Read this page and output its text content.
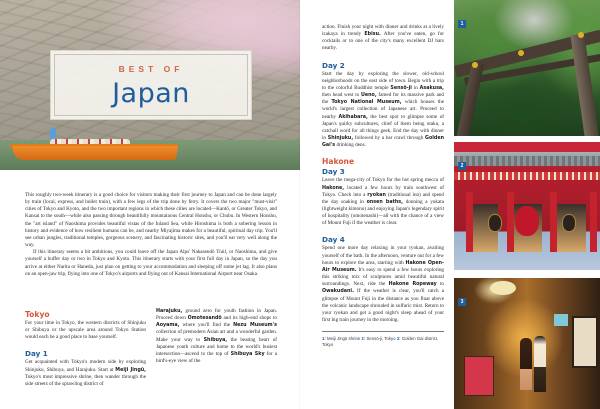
BEST OF
Japan

This roughly two-week itinerary is a good choice for visitors making their first journey to Japan and can be done largely by train (local, express, and bullet train), with a few legs of the trip done by ferry. It covers the two major "must-visit" cities of Tokyo and Kyoto, and the two important regions in which these cities are located—Kantō, or Greater Tokyo, and Kansai to the south—while also passing through beautifully mountainous Central Honshu, or Chubu. In Western Honshu, the "art island" of Naoshima provides beautiful vistas of the Inland Sea, while Hiroshima is both a sobering lesson in history and evidence of how resilient humans can be, and nearby Miyajima makes for a beautiful, spiritual day trip. You'll see urban jungles, traditional temples, gorgeous scenery, and fascinating historic sites, and you'll eat very well along the way.

If this itinerary seems a bit ambitious, you could leave off the Japan Alps' Nakasendō Trail, or Naoshima, and give yourself a buffer day or two in Tokyo and Kyoto. This itinerary starts with your first full day in Japan, so the day you arrive at either Narita or Haneda, just plan on getting to your accommodation and sleeping off some jet lag. It also plans on an open-jaw trip, flying into one of Tokyo's airports and flying out of Kansai International Airport near Osaka.

Tokyo

For your time in Tokyo, the western districts of Shinjuku or Shibuya or the upscale area around Tokyo Station would each be a good place to base yourself.

Day 1

Get acquainted with Tokyo's modern side by exploring Shinjuku, Shibuya, and Harajuku. Start at Meiji Jingū, Tokyo's most impressive shrine, then wander through the side streets of the sprawling district of

Harajuku, ground zero for youth fashion in Japan. Proceed down Omotesandō and its high-end shops to Aoyama, where you'll find the Nezu Museum's collection of premodern Asian art and a wonderful garden. Make your way to Shibuya, the beating heart of Japanese youth culture and home to the world's busiest intersection—ascend to the top of Shibuya Sky for a bird's-eye view of the

action. Finish your night with dinner and drinks at a lively izakaya in trendy Ebisu. After you've eaten, go for cocktails or to one of the city's many excellent DJ bars nearby.

Day 2

Start the day by exploring the slower, old-school neighborhoods on the east side of town. Begin with a trip to the colorful Buddhist temple Sensō-ji in Asakusa, then head west to Ueno, famed for its massive park and the Tokyo National Museum, which houses the world's largest collection of Japanese art. Proceed to nearby Akihabara, the best spot to glimpse some of Japan's quirky subcultures, chief of them being otaku, a catchall word for all things geek. End the day with dinner in Shinjuku, followed by a bar crawl through Golden Gai's drinking dens.

Hakone
Day 3

Leave the mega-city of Tokyo for the hot spring mecca of Hakone, located a few hours by train southwest of Tokyo. Check into a ryokan (traditional inn) and spend the day soaking in onsen baths, donning a yukata (lightweight kimono) and enjoying Japan's legendary spirit of hospitality (omotenashi)—all with the chance of a view of Mount Fuji if the weather is clear.

Day 4

Spend one more day relaxing in your ryokan, availing yourself of the bath. In the afternoon, venture out for a few hours to explore the area, starting with Hakone Open-Air Museum. It's easy to spend a few hours exploring this striking mix of sculptures amid beautiful natural surroundings. Next, ride the Hakone Ropeway to Owakudani. If the weather is clear, you'll catch a glimpse of Mount Fuji in the distance as you float above the volcanic landscape shrouded in sulfuric mist. Return to your ryokan and get a good night's sleep ahead of your first big train journey in the morning.

1: Meiji Jingū shrine 2: Sensō-ji, Tokyo 3: Golden Gai district, Tokyo
1
2
3
